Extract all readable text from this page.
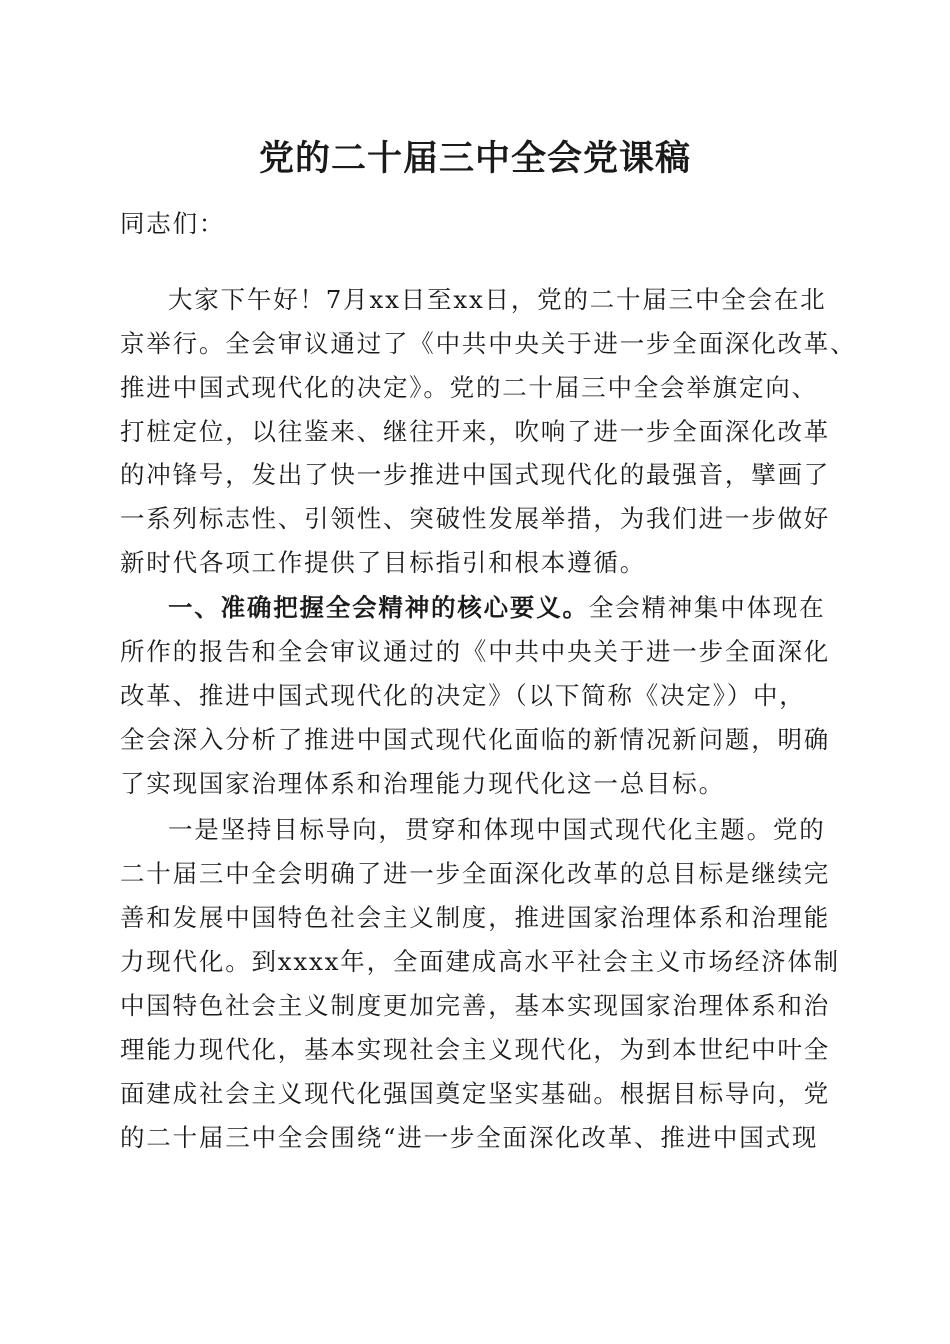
党的二十届三中全会党课稿
同志们：
大家下午好！7月xx日至xx日，党的二十届三中全会在北
京举行。全会审议通过了《中共中央关于进一步全面深化改革、
推进中国式现代化的决定》。党的二十届三中全会举旗定向、
打桩定位，以往鉴来、继往开来，吹响了进一步全面深化改革
的冲锋号，发出了快一步推进中国式现代化的最强音，擘画了
一系列标志性、引领性、突破性发展举措，为我们进一步做好
新时代各项工作提供了目标指引和根本遵循。
一、准确把握全会精神的核心要义。全会精神集中体现在
所作的报告和全会审议通过的《中共中央关于进一步全面深化
改革、推进中国式现代化的决定》（以下简称《决定》）中，
全会深入分析了推进中国式现代化面临的新情况新问题，明确
了实现国家治理体系和治理能力现代化这一总目标。
一是坚持目标导向，贯穿和体现中国式现代化主题。党的
二十届三中全会明确了进一步全面深化改革的总目标是继续完
善和发展中国特色社会主义制度，推进国家治理体系和治理能
力现代化。到xxxx年，全面建成高水平社会主义市场经济体制
中国特色社会主义制度更加完善，基本实现国家治理体系和治
理能力现代化，基本实现社会主义现代化，为到本世纪中叶全
面建成社会主义现代化强国奠定坚实基础。根据目标导向，党
的二十届三中全会围绕“进一步全面深化改革、推进中国式现
